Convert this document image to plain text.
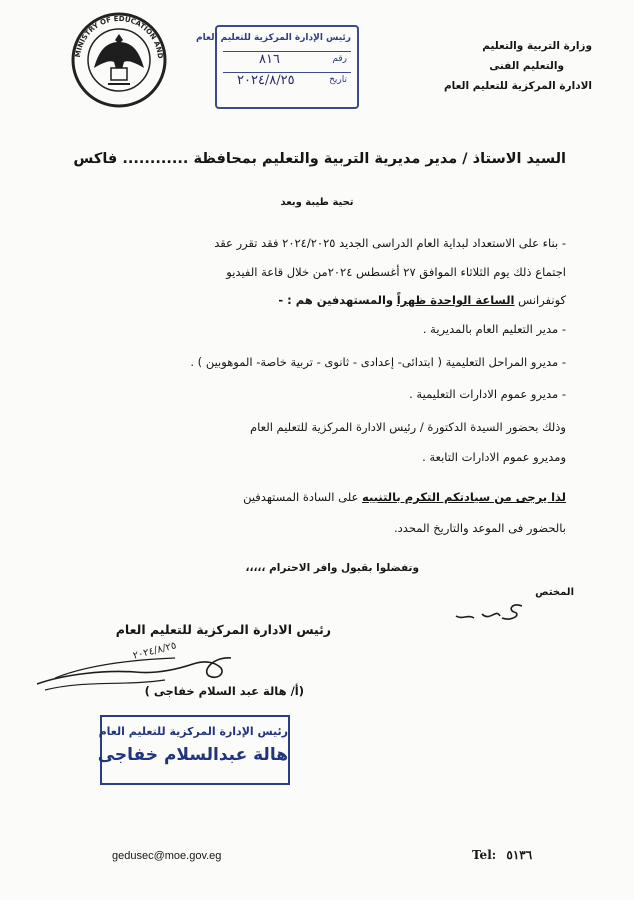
وزارة التربية والتعليم
والتعليم الفنى
الادارة المركزية للتعليم العام
MINISTRY OF EDUCATION AND
رئيس الإدارة المركزية للتعليم العام
رقم
٨١٦
تاريخ
٢٠٢٤/٨/٢٥
السيد الاستاذ / مدير مديرية التربية والتعليم بمحافظة ............ فاكس
تحية طيبة وبعد
- بناء على الاستعداد لبداية العام الدراسى الجديد ٢٠٢٤/٢٠٢٥ فقد تقرر عقد
اجتماع ذلك يوم الثلاثاء الموافق ٢٧ أغسطس ٢٠٢٤من خلال قاعة الفيديو
كونفرانس الساعة الواحدة ظهراً والمستهدفين هم : -
- مدير التعليم العام بالمديرية .
- مديرو المراحل التعليمية ( ابتدائى- إعدادى - ثانوى - تربية خاصة- الموهوبين ) .
- مديرو عموم الادارات التعليمية .
وذلك بحضور السيدة الدكتورة / رئيس الادارة المركزية للتعليم العام
ومديرو عموم الادارات التابعة .
لذا يرجى من سيادتكم التكرم بالتنبيه على السادة المستهدفين
بالحضور فى الموعد والتاريخ المحدد.
وتفضلوا بقبول وافر الاحترام ،،،،،
المختص
رئيس الادارة المركزية للتعليم العام
٢٠٢٤/٨/٢٥
(أ/ هالة عبد السلام خفاجى )
رئيس الإدارة المركزية للتعليم العام
هالة عبدالسلام خفاجى
gedusec@moe.gov.eg	Tel: ٥١٣٦
